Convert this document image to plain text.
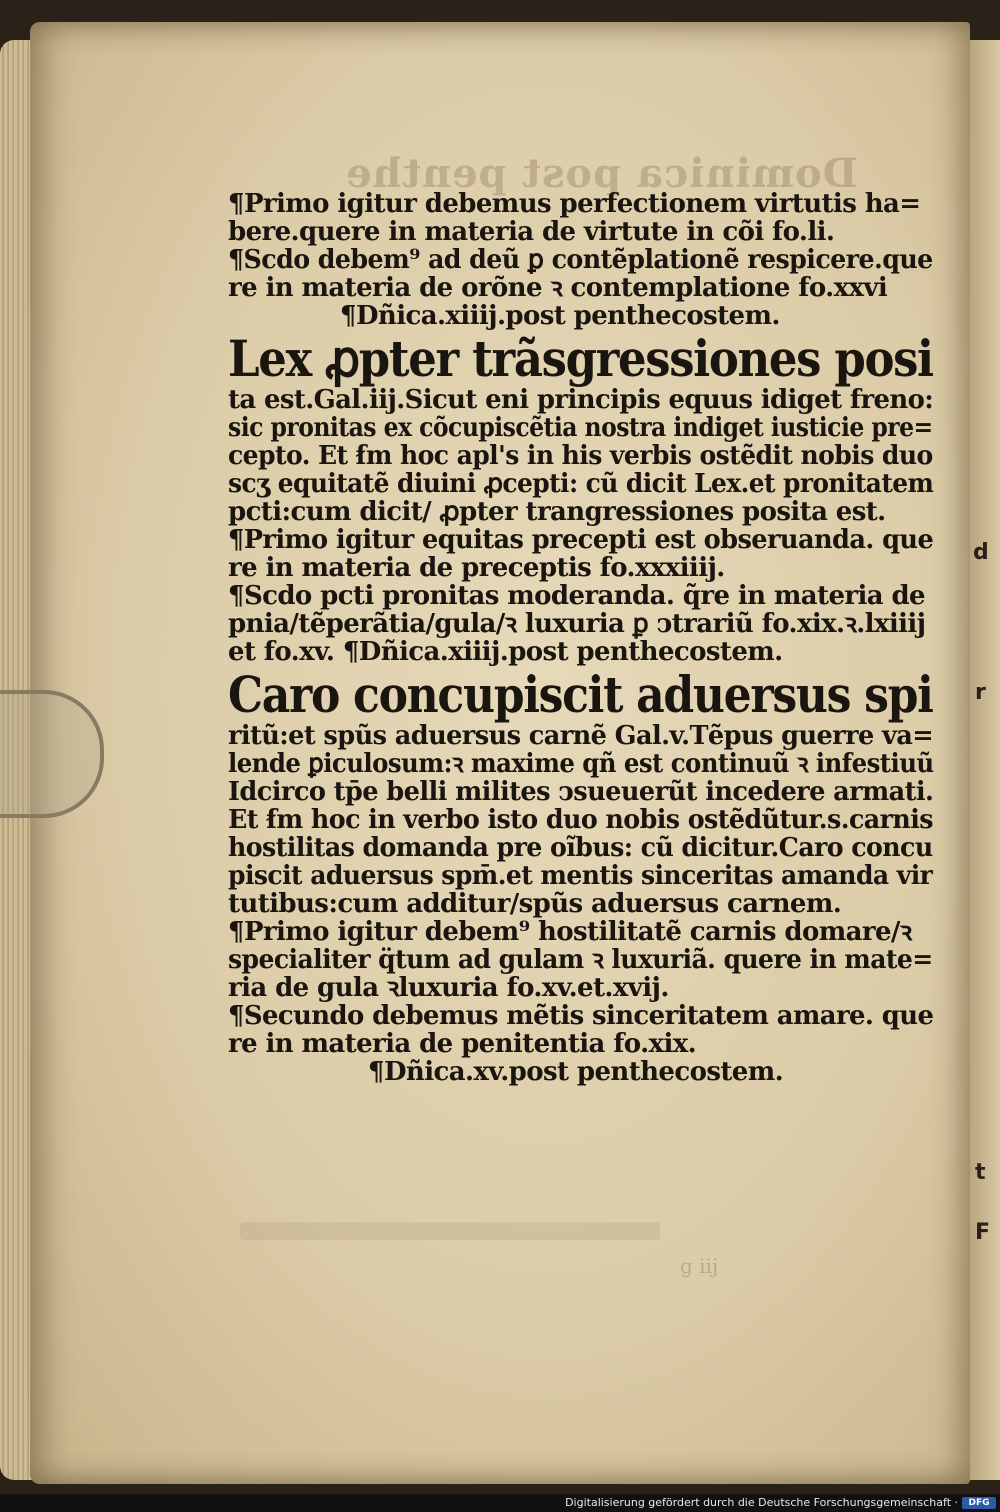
d
r
t
F
Dominica post penthe
g iij
¶Primo igitur debemus perfectionem virtutis ha=
bere.quere in materia de virtute in cõi fo.li.
¶Scdo debem⁹ ad deũ ꝑ contẽplationẽ respicere.que
re in materia de orõne ꝛ contemplatione fo.xxvi
¶Dñica.xiiij.post penthecostem.
Lex ꝓpter trãsgressiones posi
ta est.Gal.iij.Sicut eni principis equus idiget freno:
sic pronitas ex cõcupiscẽtia nostra indiget iusticie pre=
cepto. Et ẜm hoc apl's in his verbis ostẽdit nobis duo
scʒ equitatẽ diuini ꝓcepti: cũ dicit Lex.et pronitatem
pcti:cum dicit/ ꝓpter trangressiones posita est.
¶Primo igitur equitas precepti est obseruanda. que
re in materia de preceptis fo.xxxiiij.
¶Scdo pcti pronitas moderanda. q̃re in materia de
pnia/tẽperãtia/gula/ꝛ luxuria ꝑ ↄtrariũ fo.xix.ꝛ.lxiiij
et fo.xv. ¶Dñica.xiiij.post penthecostem.
Caro concupiscit aduersus spi
ritũ:et spũs aduersus carnẽ Gal.v.Tẽpus guerre va=
lende ꝑiculosum:ꝛ maxime qñ est continuũ ꝛ infestiuũ
Idcirco tp̄e belli milites ↄsueuerũt incedere armati.
Et ẜm hoc in verbo isto duo nobis ostẽdũtur.s.carnis
hostilitas domanda pre oĩbus: cũ dicitur.Caro concu
piscit aduersus spm̄.et mentis sinceritas amanda vir
tutibus:cum additur/spũs aduersus carnem.
¶Primo igitur debem⁹ hostilitatẽ carnis domare/ꝛ
specialiter q̈tum ad gulam ꝛ luxuriã. quere in mate=
ria de gula ꝛluxuria fo.xv.et.xvij.
¶Secundo debemus mẽtis sinceritatem amare. que
re in materia de penitentia fo.xix.
¶Dñica.xv.post penthecostem.
Digitalisierung gefördert durch die Deutsche Forschungsgemeinschaft ·	DFG
